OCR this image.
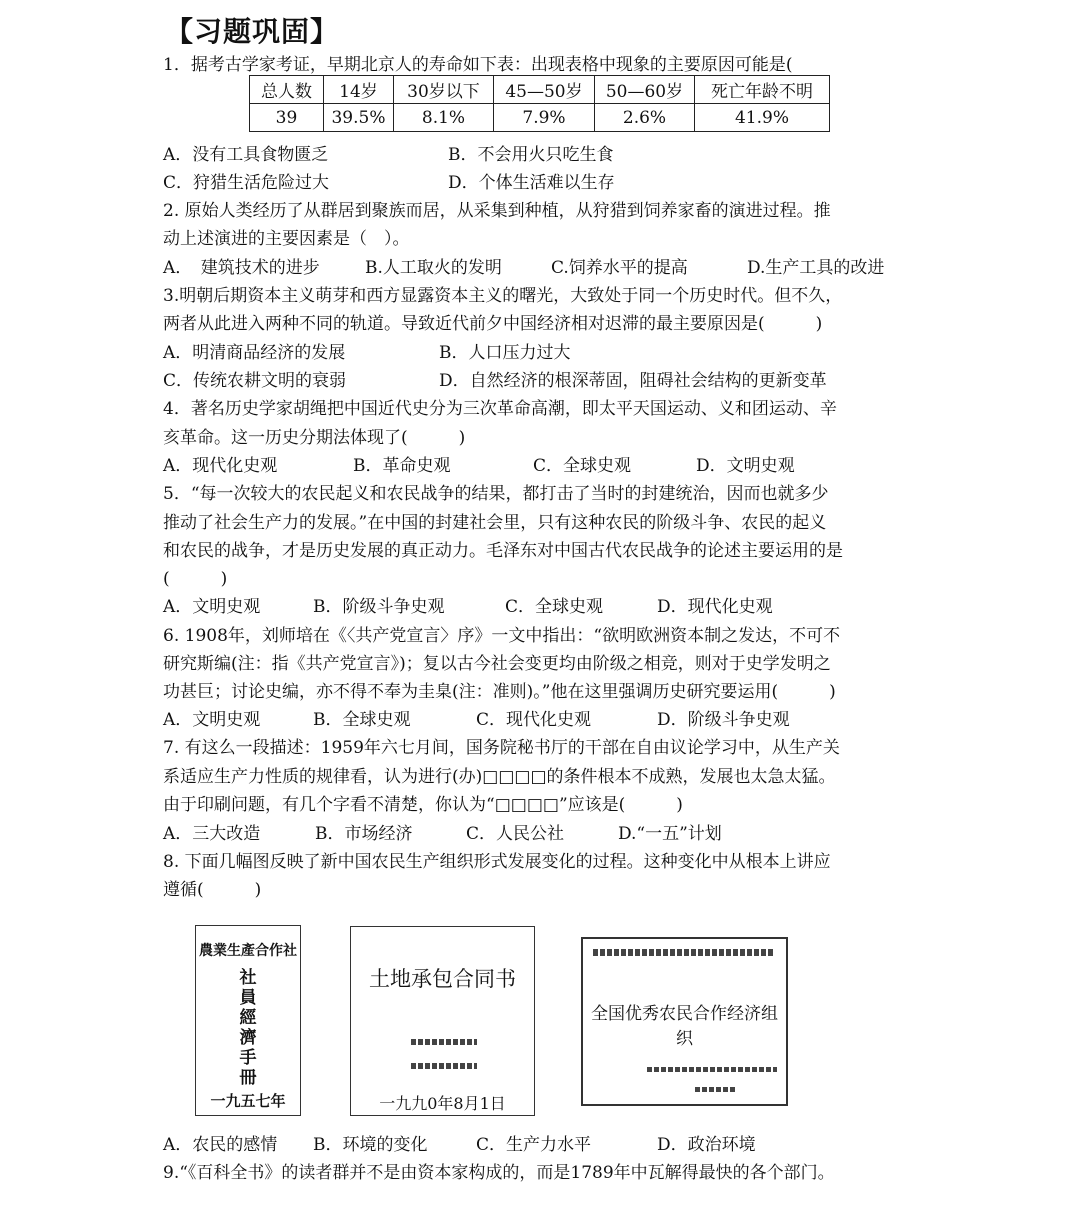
【习题巩固】
1．据考古学家考证，早期北京人的寿命如下表：出现表格中现象的主要原因可能是(
总人数	14岁	30岁以下	45—50岁	50—60岁	死亡年龄不明
39	39.5%	8.1%	7.9%	2.6%	41.9%
A．没有工具食物匮乏	B．不会用火只吃生食
C．狩猎生活危险过大	D．个体生活难以生存
2. 原始人类经历了从群居到聚族而居，从采集到种植，从狩猎到饲养家畜的演进过程。推
动上述演进的主要因素是（　）。
A．　建筑技术的进步	B.人工取火的发明	C.饲养水平的提高	D.生产工具的改进
3.明朝后期资本主义萌芽和西方显露资本主义的曙光，大致处于同一个历史时代。但不久，
两者从此进入两种不同的轨道。导致近代前夕中国经济相对迟滞的最主要原因是(　　　)
A．明清商品经济的发展	B．人口压力过大
C．传统农耕文明的衰弱	D．自然经济的根深蒂固，阻碍社会结构的更新变革
4．著名历史学家胡绳把中国近代史分为三次革命高潮，即太平天国运动、义和团运动、辛
亥革命。这一历史分期法体现了(　　　)
A．现代化史观	B．革命史观	C．全球史观	D．文明史观
5．“每一次较大的农民起义和农民战争的结果，都打击了当时的封建统治，因而也就多少
推动了社会生产力的发展。”在中国的封建社会里，只有这种农民的阶级斗争、农民的起义
和农民的战争，才是历史发展的真正动力。毛泽东对中国古代农民战争的论述主要运用的是
(　　　)
A．文明史观	B．阶级斗争史观	C．全球史观	D．现代化史观
6. 1908年，刘师培在《〈共产党宣言〉序》一文中指出：“欲明欧洲资本制之发达，不可不
研究斯编(注：指《共产党宣言》)；复以古今社会变更均由阶级之相竞，则对于史学发明之
功甚巨；讨论史编，亦不得不奉为圭臬(注：准则)。”他在这里强调历史研究要运用(　　　)
A．文明史观	B．全球史观	C．现代化史观	D．阶级斗争史观
7. 有这么一段描述：1959年六七月间，国务院秘书厅的干部在自由议论学习中，从生产关
系适应生产力性质的规律看，认为进行(办)□□□□的条件根本不成熟，发展也太急太猛。
由于印刷问题，有几个字看不清楚，你认为“□□□□”应该是(　　　)
A．三大改造	B．市场经济	C．人民公社	D.“一五”计划
8. 下面几幅图反映了新中国农民生产组织形式发展变化的过程。这种变化中从根本上讲应
遵循(　　　)
農業生產合作社
社
員
經
濟
手
冊
一九五七年
土地承包合同书
一九九0年8月1日
全国优秀农民合作经济组织
A．农民的感情 B．环境的变化	C．生产力水平	D．政治环境
9.“《百科全书》的读者群并不是由资本家构成的，而是1789年中瓦解得最快的各个部门。
